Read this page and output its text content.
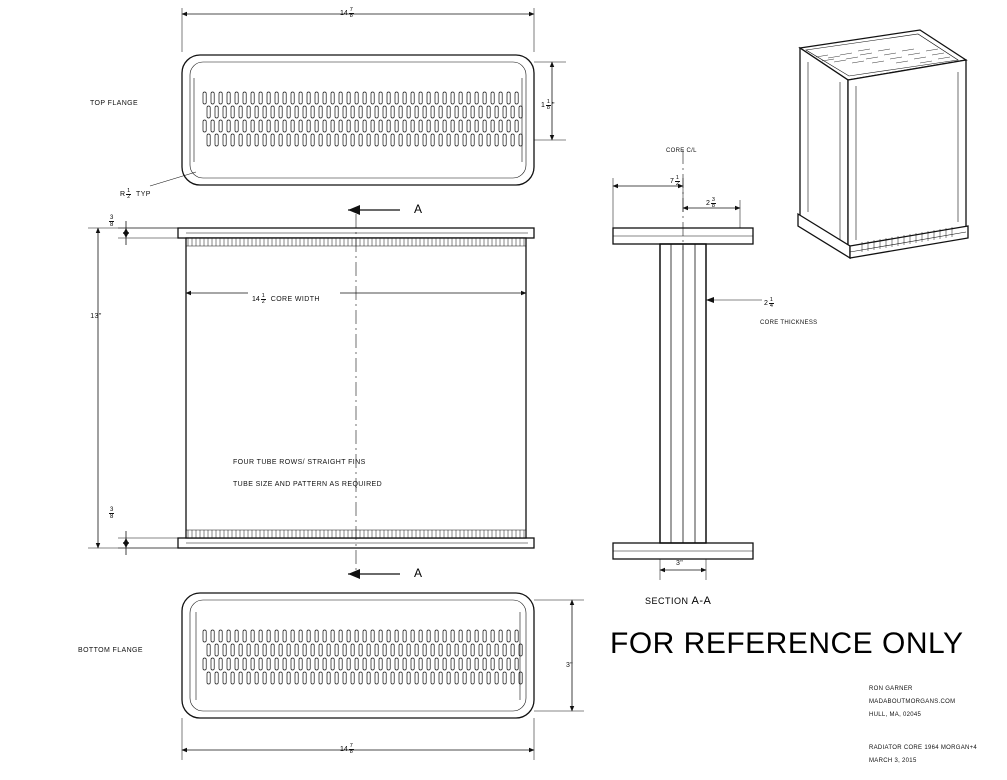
TOP FLANGE
$14 \frac{7}{8}$
$1 \frac{1}{8}$ "
R $\frac{1}{2}$
TYP
$14 \frac{1}{2}$
CORE WIDTH
13"
$\frac{3}{8}$
$\frac{3}{8}$
A
A
FOUR TUBE ROWS/ STRAIGHT FINS
TUBE SIZE AND PATTERN AS REQUIRED
BOTTOM FLANGE
3"
$14 \frac{7}{8}$
CORE C/L
$7 \frac{1}{2}$
$2 \frac{3}{8}$
$2 \frac{1}{4}$
CORE THICKNESS
3"
SECTION A-A
FOR REFERENCE ONLY
RON GARNER
MADABOUTMORGANS.COM
HULL, MA, 02045
RADIATOR CORE 1964 MORGAN+4
MARCH 3, 2015
